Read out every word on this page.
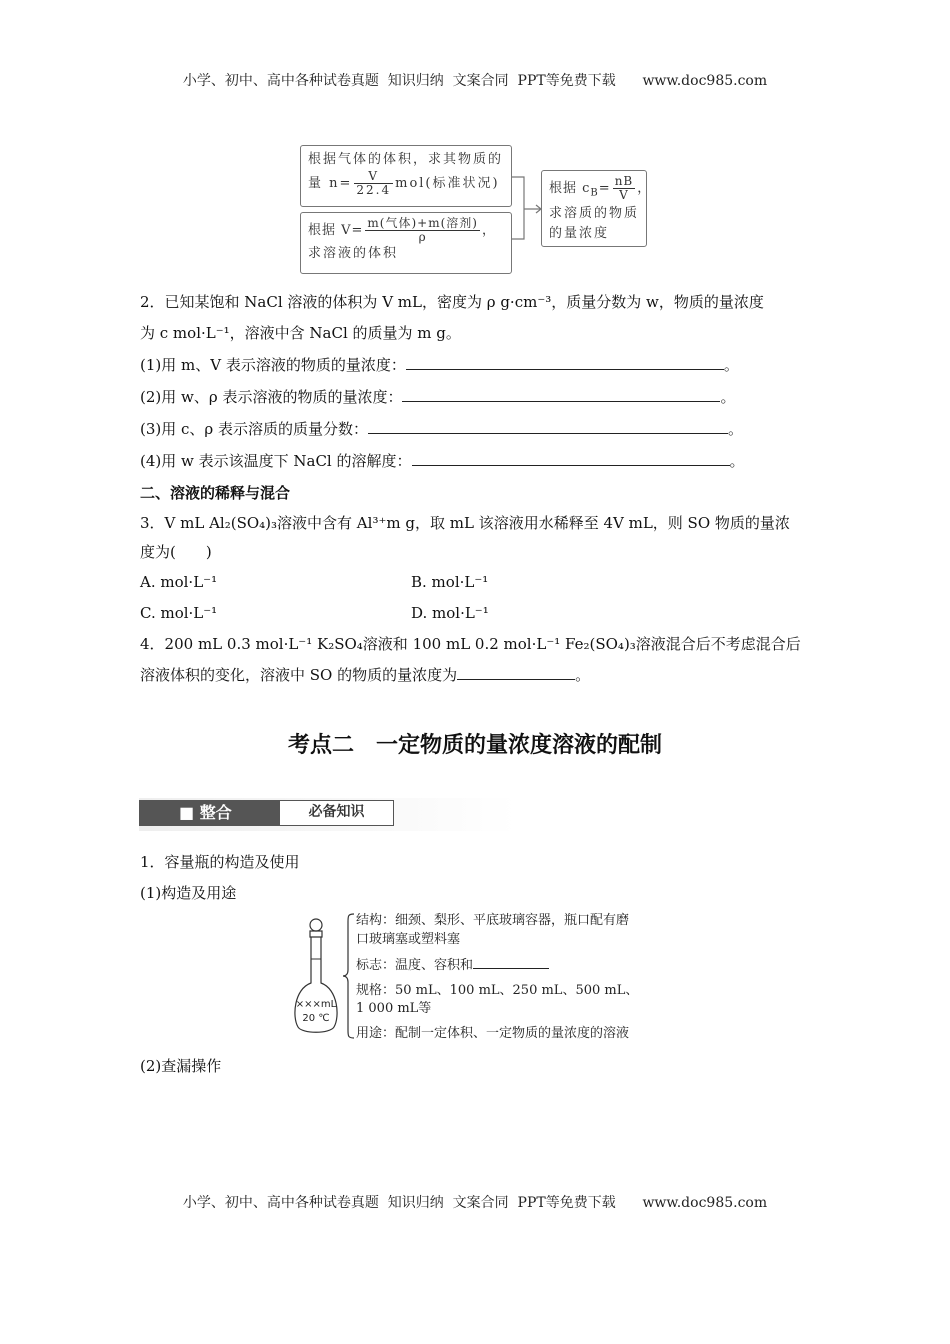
小学、初中、高中各种试卷真题  知识归纳  文案合同  PPT等免费下载      www.doc985.com
根据气体的体积，求其物质的
量 $n= \frac{V}{22.4} mol$(标准状况)
根据 $V= \frac{\text{m(气体)+m(溶剂)}}{\rho}$ ，
求溶液的体积
根据 $c_B= \frac{nB}{V}$ ，
求溶质的物质
的量浓度
2．已知某饱和 NaCl 溶液的体积为 V mL，密度为 ρ g·cm⁻³，质量分数为 w，物质的量浓度
为 c mol·L⁻¹，溶液中含 NaCl 的质量为 m g。
(1)用 m、V 表示溶液的物质的量浓度：	。
(2)用 w、ρ 表示溶液的物质的量浓度：	。
(3)用 c、ρ 表示溶质的质量分数：	。
(4)用 w 表示该温度下 NaCl 的溶解度：	。
二、溶液的稀释与混合
3．V mL Al₂(SO₄)₃溶液中含有 Al³⁺m g，取 mL 该溶液用水稀释至 4V mL，则 SO 物质的量浓
度为(　　)
A. mol·L⁻¹	B. mol·L⁻¹
C. mol·L⁻¹	D. mol·L⁻¹
4．200 mL 0.3 mol·L⁻¹ K₂SO₄溶液和 100 mL 0.2 mol·L⁻¹ Fe₂(SO₄)₃溶液混合后不考虑混合后
溶液体积的变化，溶液中 SO 的物质的量浓度为	。
考点二　一定物质的量浓度溶液的配制
■ 整合	必备知识
1．容量瓶的构造及使用
(1)构造及用途
×××mL
20 ℃
结构：细颈、梨形、平底玻璃容器，瓶口配有磨
口玻璃塞或塑料塞
标志：温度、容积和
规格：50 mL、100 mL、250 mL、500 mL、
1 000 mL等
用途：配制一定体积、一定物质的量浓度的溶液
(2)查漏操作
小学、初中、高中各种试卷真题  知识归纳  文案合同  PPT等免费下载      www.doc985.com
